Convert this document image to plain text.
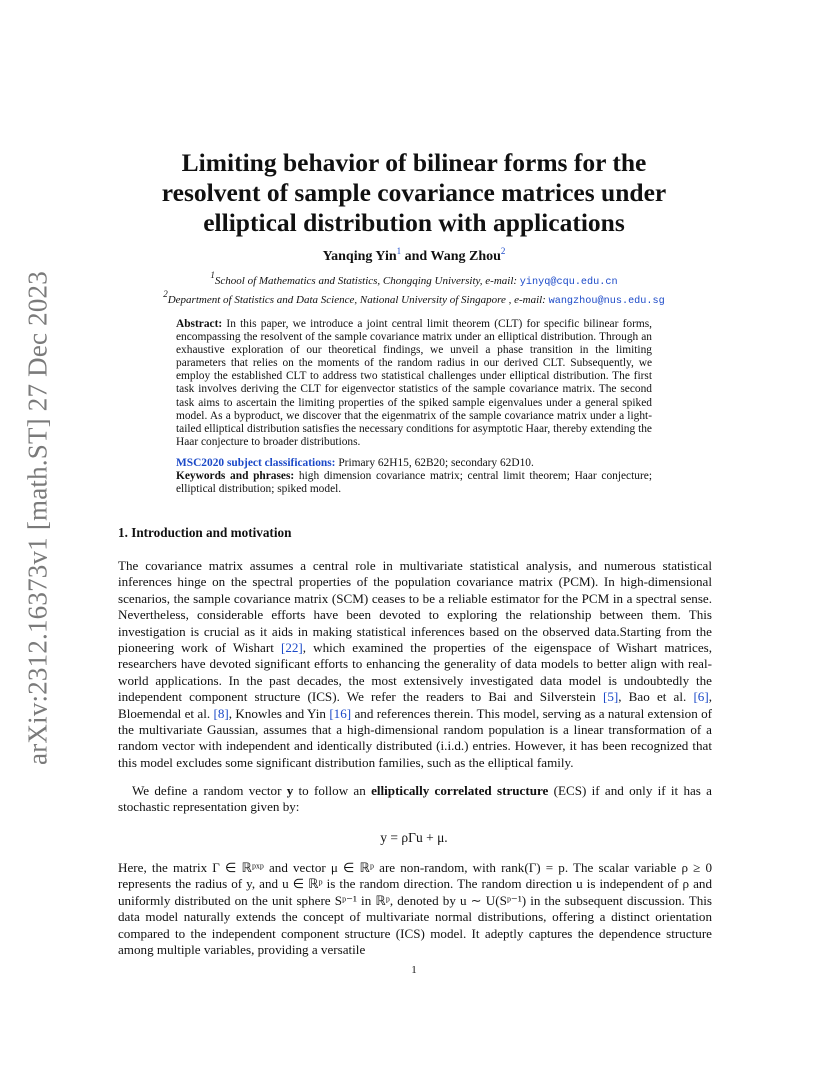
arXiv:2312.16373v1 [math.ST] 27 Dec 2023
Limiting behavior of bilinear forms for the
resolvent of sample covariance matrices under
elliptical distribution with applications
Yanqing Yin$^1$ and Wang Zhou$^2$
$^1$School of Mathematics and Statistics, Chongqing University, e-mail: yinyq@cqu.edu.cn
$^2$Department of Statistics and Data Science, National University of Singapore , e-mail: wangzhou@nus.edu.sg
Abstract: In this paper, we introduce a joint central limit theorem (CLT) for specific bilinear forms, encompassing the resolvent of the sample covariance matrix under an elliptical distribution. Through an exhaustive exploration of our theoretical findings, we unveil a phase transition in the limiting parameters that relies on the moments of the random radius in our derived CLT. Subsequently, we employ the established CLT to address two statistical challenges under elliptical distribution. The first task involves deriving the CLT for eigenvector statistics of the sample covariance matrix. The second task aims to ascertain the limiting properties of the spiked sample eigenvalues under a general spiked model. As a byproduct, we discover that the eigenmatrix of the sample covariance matrix under a light-tailed elliptical distribution satisfies the necessary conditions for asymptotic Haar, thereby extending the Haar conjecture to broader distributions.
MSC2020 subject classifications: Primary 62H15, 62B20; secondary 62D10.
Keywords and phrases: high dimension covariance matrix; central limit theorem; Haar conjecture; elliptical distribution; spiked model.
1. Introduction and motivation
The covariance matrix assumes a central role in multivariate statistical analysis, and numerous statistical inferences hinge on the spectral properties of the population covariance matrix (PCM). In high-dimensional scenarios, the sample covariance matrix (SCM) ceases to be a reliable estimator for the PCM in a spectral sense. Nevertheless, considerable efforts have been devoted to exploring the relationship between them. This investigation is crucial as it aids in making statistical inferences based on the observed data.Starting from the pioneering work of Wishart [22], which examined the properties of the eigenspace of Wishart matrices, researchers have devoted significant efforts to enhancing the generality of data models to better align with real-world applications. In the past decades, the most extensively investigated data model is undoubtedly the independent component structure (ICS). We refer the readers to Bai and Silverstein [5], Bao et al. [6], Bloemendal et al. [8], Knowles and Yin [16] and references therein. This model, serving as a natural extension of the multivariate Gaussian, assumes that a high-dimensional random population is a linear transformation of a random vector with independent and identically distributed (i.i.d.) entries. However, it has been recognized that this model excludes some significant distribution families, such as the elliptical family.
We define a random vector y to follow an elliptically correlated structure (ECS) if and only if it has a stochastic representation given by:
y = ρΓu + μ.
Here, the matrix Γ ∈ ℝᵖˣᵖ and vector μ ∈ ℝᵖ are non-random, with rank(Γ) = p. The scalar variable ρ ≥ 0 represents the radius of y, and u ∈ ℝᵖ is the random direction. The random direction u is independent of ρ and uniformly distributed on the unit sphere Sᵖ⁻¹ in ℝᵖ, denoted by u ∼ U(Sᵖ⁻¹) in the subsequent discussion. This data model naturally extends the concept of multivariate normal distributions, offering a distinct orientation compared to the independent component structure (ICS) model. It adeptly captures the dependence structure among multiple variables, providing a versatile
1
